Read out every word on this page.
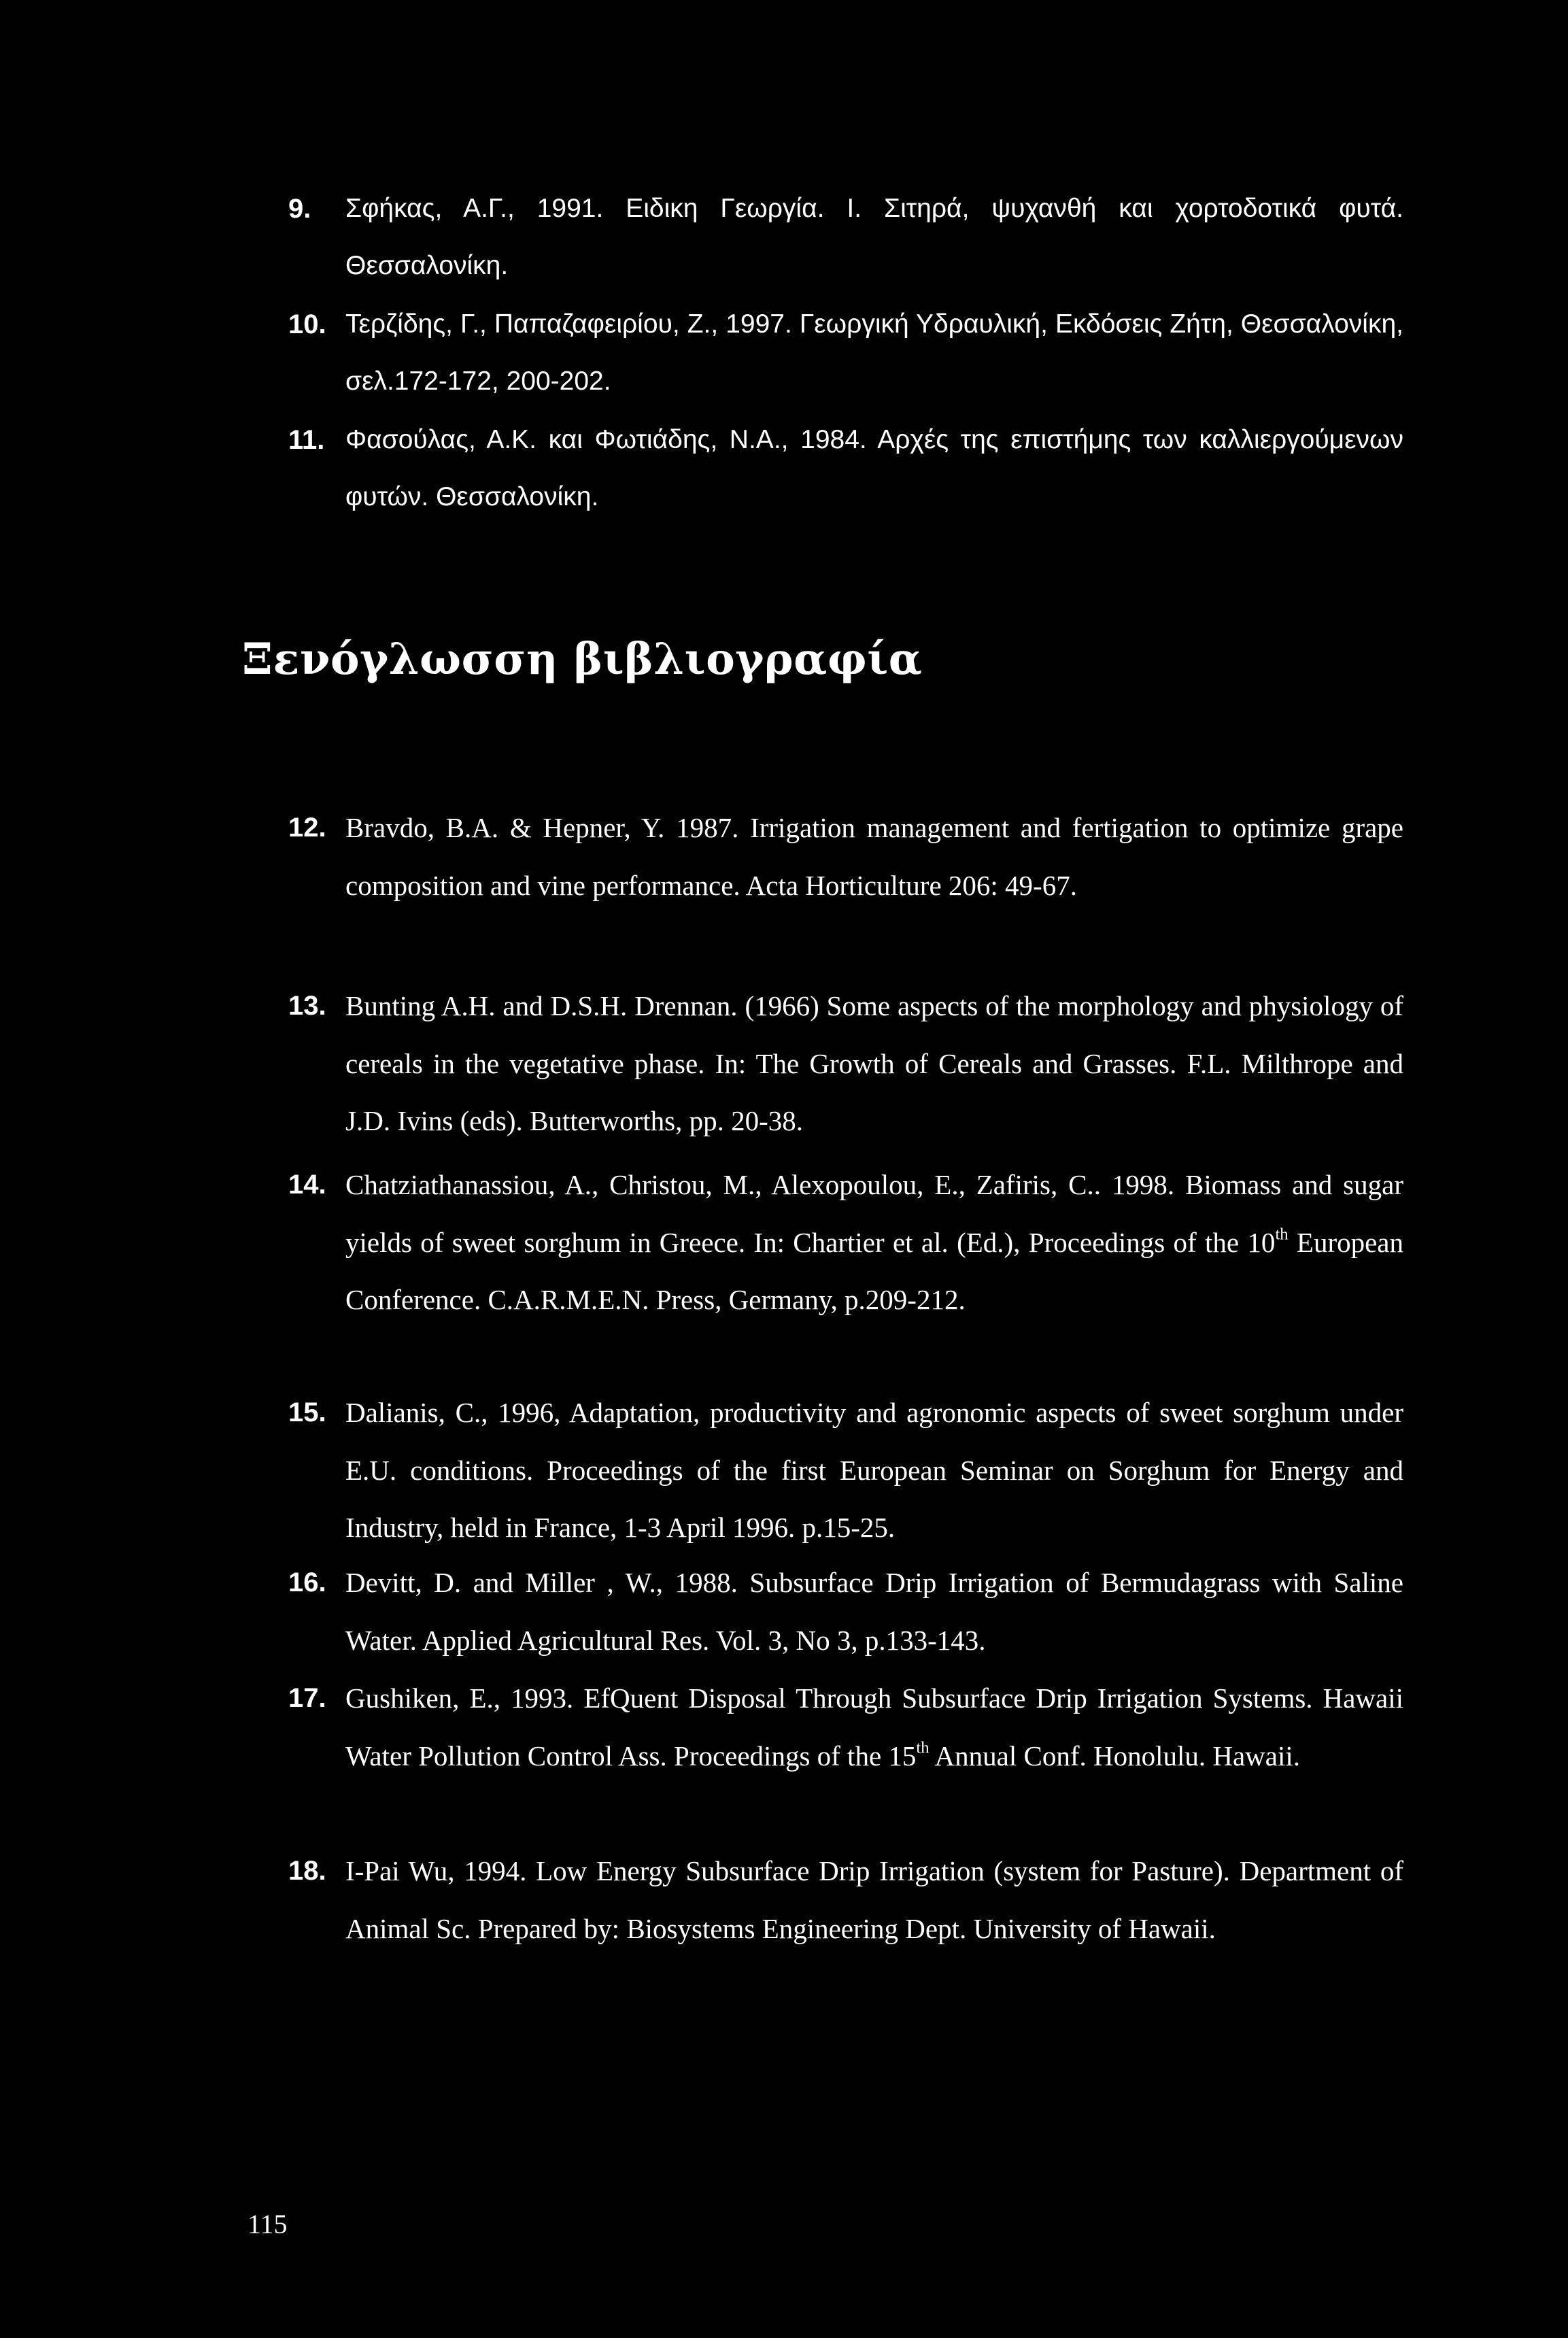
9. Σφήκας, Α.Γ., 1991. Ειδικη Γεωργία. Ι. Σιτηρά, ψυχανθή και χορτοδοτικά φυτά. Θεσσαλονίκη.
10. Τερζίδης, Γ., Παπαζαφειρίου, Ζ., 1997. Γεωργική Υδραυλική, Εκδόσεις Ζήτη, Θεσσαλονίκη, σελ.172-172, 200-202.
11. Φασούλας, Α.Κ. και Φωτιάδης, Ν.Α., 1984. Αρχές της επιστήμης των καλλιεργούμενων φυτών. Θεσσαλονίκη.
Ξενόγλωσση βιβλιογραφία
12. Bravdo, B.A. & Hepner, Y. 1987. Irrigation management and fertigation to optimize grape composition and vine performance. Acta Horticulture 206: 49-67.
13. Bunting A.H. and D.S.H. Drennan. (1966) Some aspects of the morphology and physiology of cereals in the vegetative phase. In: The Growth of Cereals and Grasses. F.L. Milthrope and J.D. Ivins (eds). Butterworths, pp. 20-38.
14. Chatziathanassiou, A., Christou, M., Alexopoulou, E., Zafiris, C.. 1998. Biomass and sugar yields of sweet sorghum in Greece. In: Chartier et al. (Ed.), Proceedings of the 10th European Conference. C.A.R.M.E.N. Press, Germany, p.209-212.
15. Dalianis, C., 1996, Adaptation, productivity and agronomic aspects of sweet sorghum under E.U. conditions. Proceedings of the first European Seminar on Sorghum for Energy and Industry, held in France, 1-3 April 1996. p.15-25.
16. Devitt, D. and Miller , W., 1988. Subsurface Drip Irrigation of Bermudagrass with Saline Water. Applied Agricultural Res. Vol. 3, No 3, p.133-143.
17. Gushiken, E., 1993. EfQuent Disposal Through Subsurface Drip Irrigation Systems. Hawaii Water Pollution Control Ass. Proceedings of the 15th Annual Conf. Honolulu. Hawaii.
18. I-Pai Wu, 1994. Low Energy Subsurface Drip Irrigation (system for Pasture). Department of Animal Sc. Prepared by: Biosystems Engineering Dept. University of Hawaii.
115
